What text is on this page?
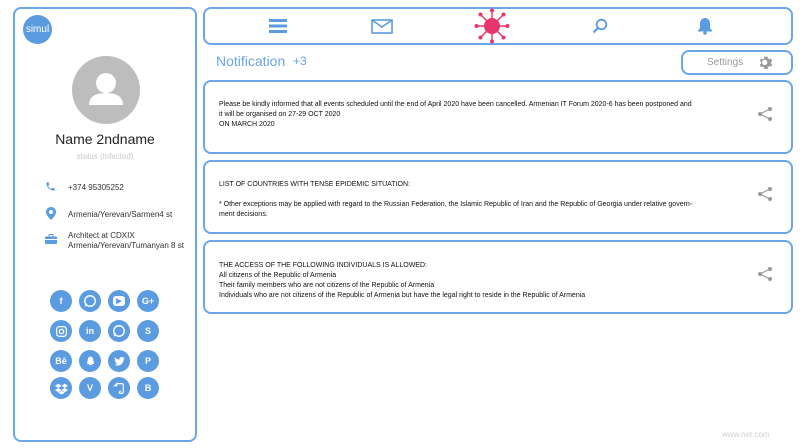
simul
Name 2ndname
status (infected)
+374 95305252
Armenia/Yerevan/Sarmen4 st
Architect at CDXIX
Armenia/Yerevan/Tumanyan 8 st
f	▶	G+
in	S
Bē	P
V	B
Notification +3	Settings
Please be kindly informed that all events scheduled until the end of April 2020 have been cancelled. Armenian IT Forum 2020-6 has been postponed and
it will be organised on 27-29 OCT 2020
ON MARCH 2020
LIST OF COUNTRIES WITH TENSE EPIDEMIC SITUATION:
* Other exceptions may be applied with regard to the Russian Federation, the Islamic Republic of Iran and the Republic of Georgia under relative govern-
ment decisions.
THE ACCESS OF THE FOLLOWING INDIVIDUALS IS ALLOWED:
All citizens of the Republic of Armenia
Their family members who are not citizens of the Republic of Armenia
Individuals who are not citizens of the Republic of Armenia but have the legal right to reside in the Republic of Armenia
www.net.com
